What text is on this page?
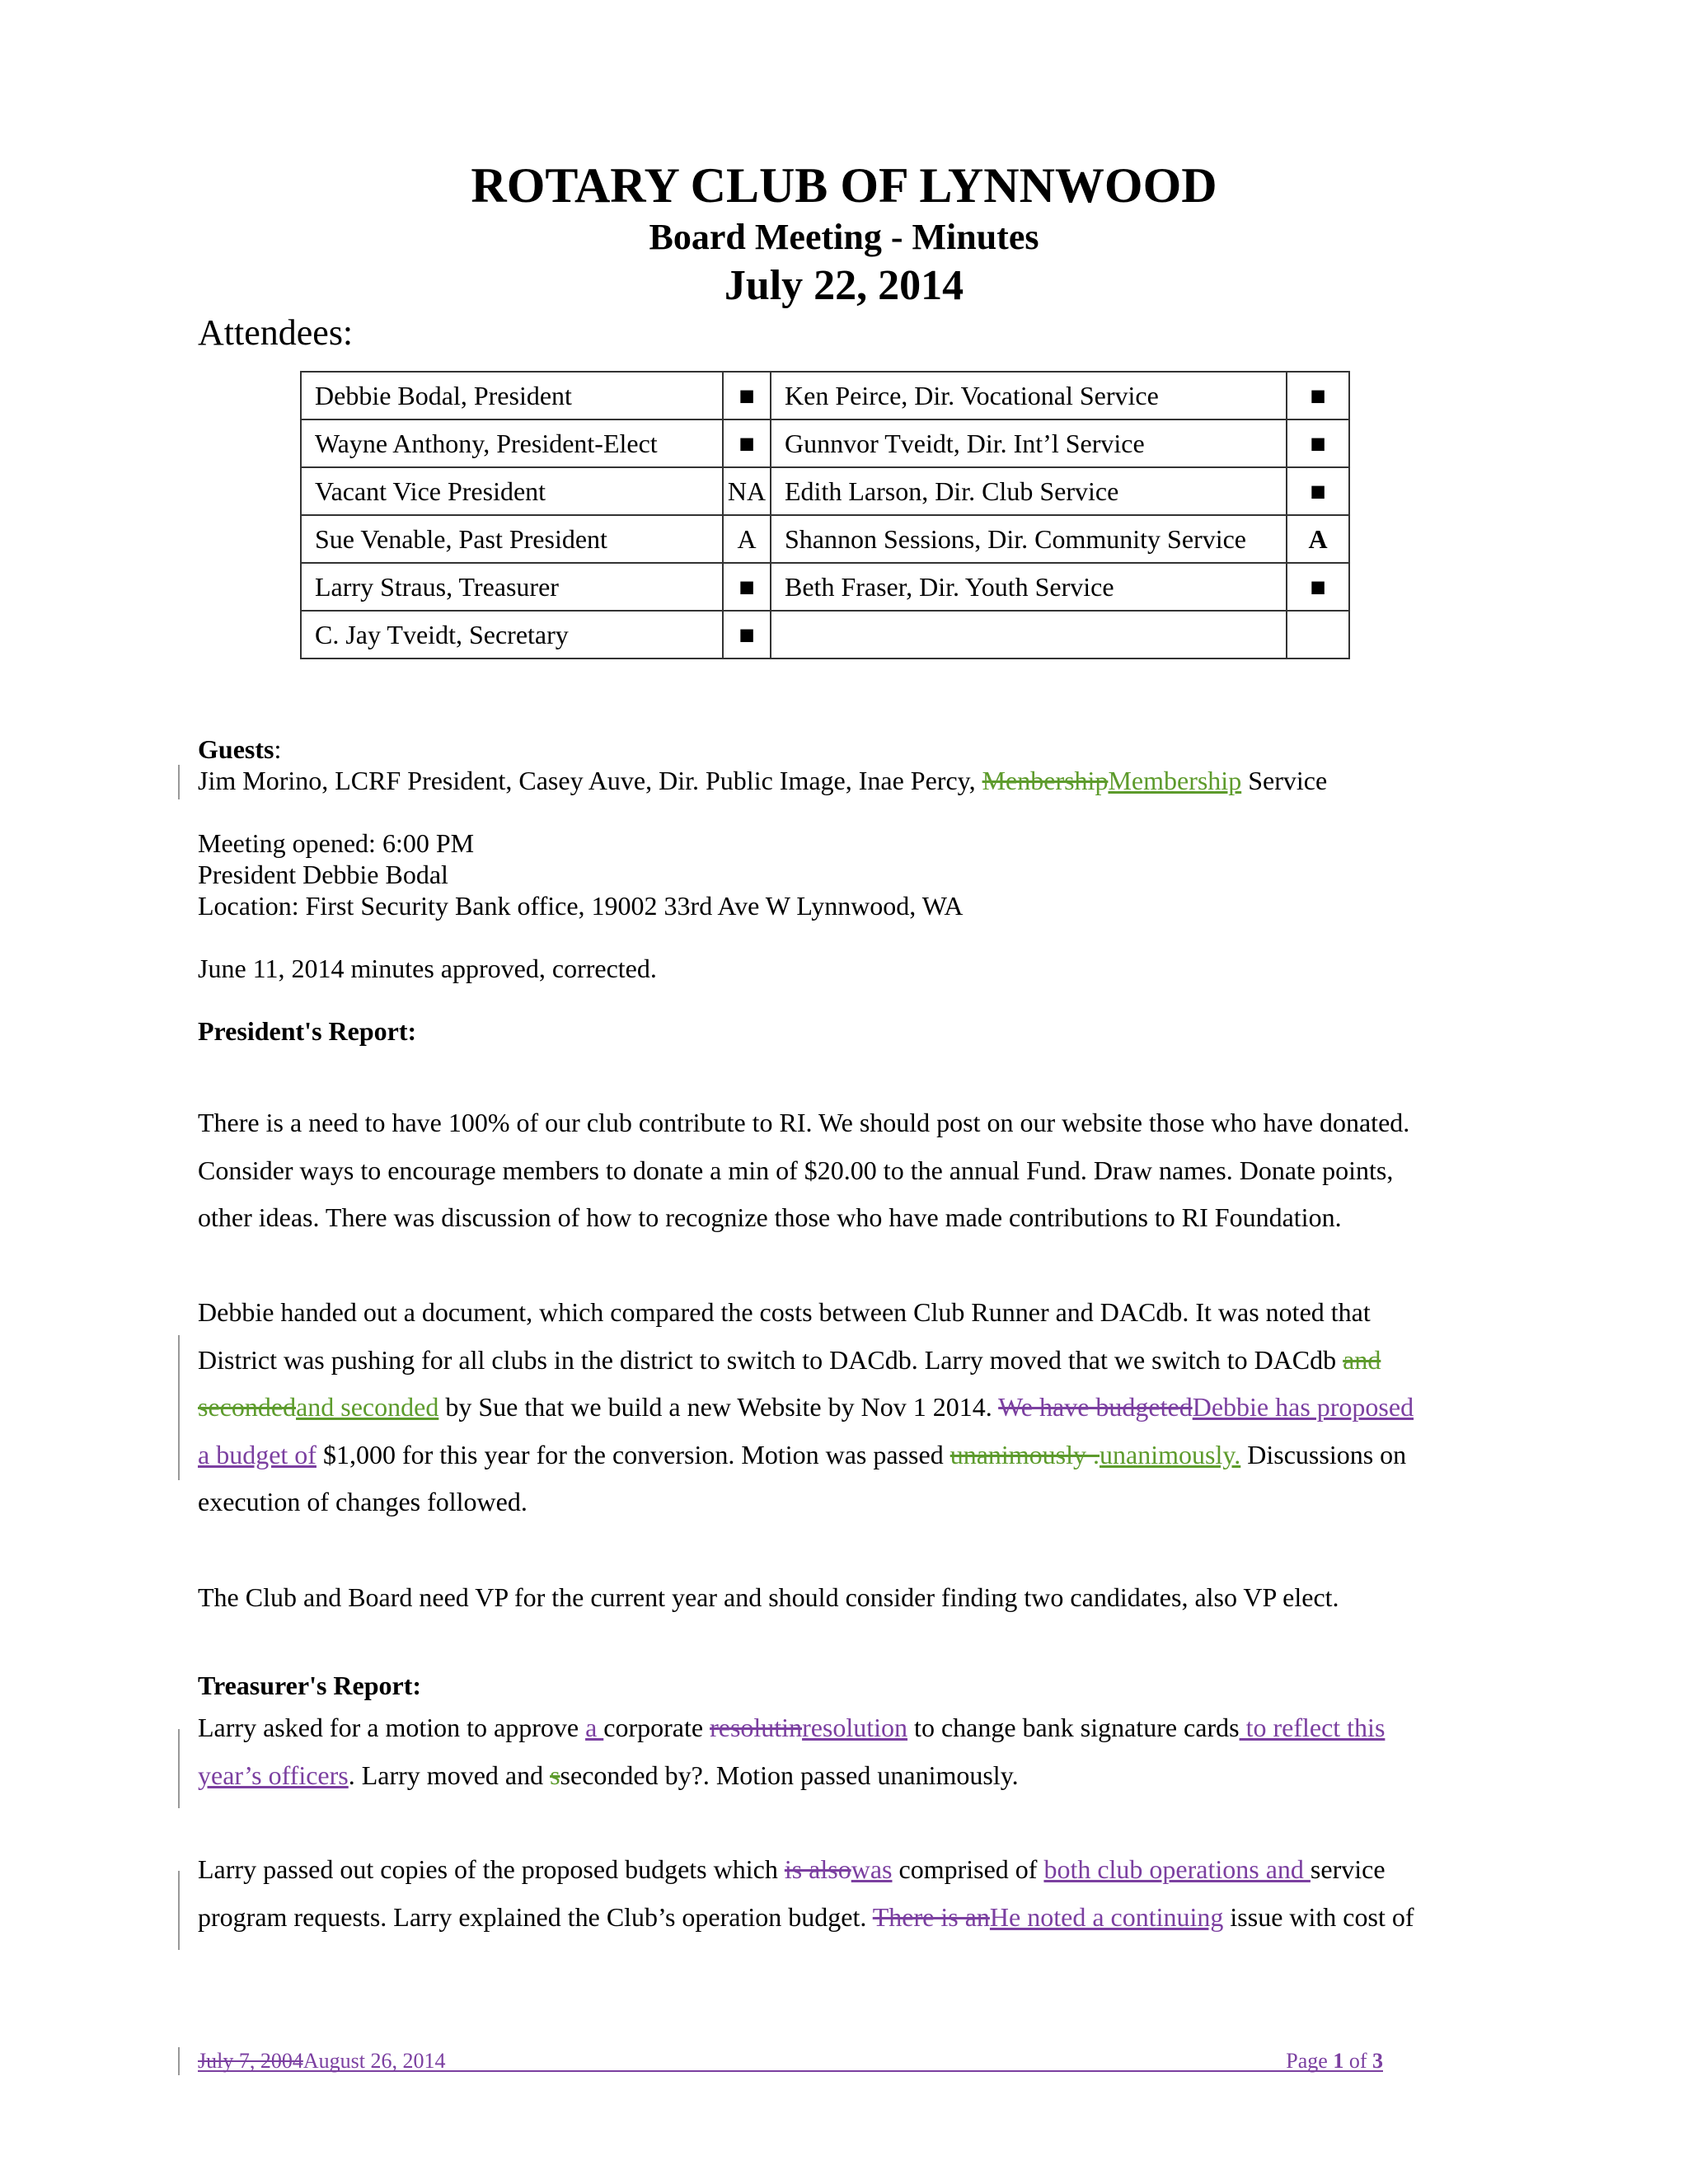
ROTARY CLUB OF LYNNWOOD
Board Meeting - Minutes
July 22, 2014
Attendees:
Debbie Bodal, President	■	Ken Peirce, Dir. Vocational Service	■
Wayne Anthony, President-Elect	■	Gunnvor Tveidt, Dir. Int’l Service	■
Vacant Vice President	NA	Edith Larson, Dir. Club Service	■
Sue Venable, Past President	A	Shannon Sessions, Dir. Community Service	A
Larry Straus, Treasurer	■	Beth Fraser, Dir. Youth Service	■
C. Jay Tveidt, Secretary	■		
Guests:
Jim Morino, LCRF President, Casey Auve, Dir. Public Image, Inae Percy, MenbershipMembership Service
Meeting opened: 6:00 PM
President Debbie Bodal
Location: First Security Bank office, 19002 33rd Ave W Lynnwood, WA
June 11, 2014 minutes approved, corrected.
President's Report:
There is a need to have 100% of our club contribute to RI. We should post on our website those who have donated.
Consider ways to encourage members to donate a min of $20.00 to the annual Fund. Draw names. Donate points,
other ideas. There was discussion of how to recognize those who have made contributions to RI Foundation.
Debbie handed out a document, which compared the costs between Club Runner and DACdb. It was noted that
District was pushing for all clubs in the district to switch to DACdb. Larry moved that we switch to DACdb and
secondedand seconded by Sue that we build a new Website by Nov 1 2014. We have budgetedDebbie has proposed
a budget of $1,000 for this year for the conversion. Motion was passed unanimously .unanimously. Discussions on
execution of changes followed.
The Club and Board need VP for the current year and should consider finding two candidates, also VP elect.
Treasurer's Report:
Larry asked for a motion to approve a corporate resolutinresolution to change bank signature cards to reflect this
year’s officers. Larry moved and sseconded by?. Motion passed unanimously.
Larry passed out copies of the proposed budgets which is alsowas comprised of both club operations and service
program requests. Larry explained the Club’s operation budget. There is anHe noted a continuing issue with cost of
July 7, 2004August 26, 2014	Page 1 of 3
